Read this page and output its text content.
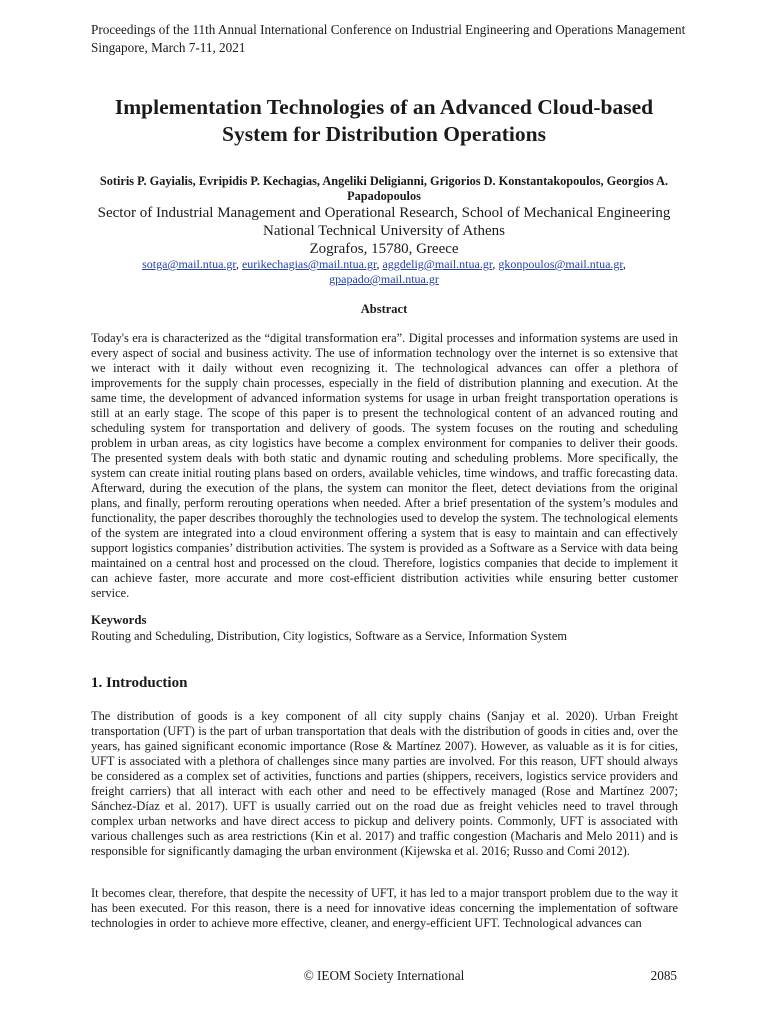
Proceedings of the 11th Annual International Conference on Industrial Engineering and Operations Management
Singapore, March 7-11, 2021
Implementation Technologies of an Advanced Cloud-based
System for Distribution Operations
Sotiris P. Gayialis, Evripidis P. Kechagias, Angeliki Deligianni, Grigorios D. Konstantakopoulos, Georgios A. Papadopoulos
Sector of Industrial Management and Operational Research, School of Mechanical Engineering
National Technical University of Athens
Zografos, 15780, Greece
sotga@mail.ntua.gr, eurikechagias@mail.ntua.gr, aggdelig@mail.ntua.gr, gkonpoulos@mail.ntua.gr,
gpapado@mail.ntua.gr
Abstract
Today's era is characterized as the “digital transformation era”. Digital processes and information systems are used in every aspect of social and business activity. The use of information technology over the internet is so extensive that we interact with it daily without even recognizing it. The technological advances can offer a plethora of improvements for the supply chain processes, especially in the field of distribution planning and execution. At the same time, the development of advanced information systems for usage in urban freight transportation operations is still at an early stage. The scope of this paper is to present the technological content of an advanced routing and scheduling system for transportation and delivery of goods. The system focuses on the routing and scheduling problem in urban areas, as city logistics have become a complex environment for companies to deliver their goods. The presented system deals with both static and dynamic routing and scheduling problems. More specifically, the system can create initial routing plans based on orders, available vehicles, time windows, and traffic forecasting data. Afterward, during the execution of the plans, the system can monitor the fleet, detect deviations from the original plans, and finally, perform rerouting operations when needed. After a brief presentation of the system’s modules and functionality, the paper describes thoroughly the technologies used to develop the system. The technological elements of the system are integrated into a cloud environment offering a system that is easy to maintain and can effectively support logistics companies’ distribution activities. The system is provided as a Software as a Service with data being maintained on a central host and processed on the cloud. Therefore, logistics companies that decide to implement it can achieve faster, more accurate and more cost-efficient distribution activities while ensuring better customer service.
Keywords
Routing and Scheduling, Distribution, City logistics, Software as a Service, Information System
1. Introduction
The distribution of goods is a key component of all city supply chains (Sanjay et al. 2020). Urban Freight transportation (UFT) is the part of urban transportation that deals with the distribution of goods in cities and, over the years, has gained significant economic importance (Rose & Martínez 2007). However, as valuable as it is for cities, UFT is associated with a plethora of challenges since many parties are involved. For this reason, UFT should always be considered as a complex set of activities, functions and parties (shippers, receivers, logistics service providers and freight carriers) that all interact with each other and need to be effectively managed (Rose and Martínez 2007; Sánchez-Díaz et al. 2017). UFT is usually carried out on the road due as freight vehicles need to travel through complex urban networks and have direct access to pickup and delivery points. Commonly, UFT is associated with various challenges such as area restrictions (Kin et al. 2017) and traffic congestion (Macharis and Melo 2011) and is responsible for significantly damaging the urban environment (Kijewska et al. 2016; Russo and Comi 2012).
It becomes clear, therefore, that despite the necessity of UFT, it has led to a major transport problem due to the way it has been executed. For this reason, there is a need for innovative ideas concerning the implementation of software technologies in order to achieve more effective, cleaner, and energy-efficient UFT. Technological advances can
© IEOM Society International	2085
